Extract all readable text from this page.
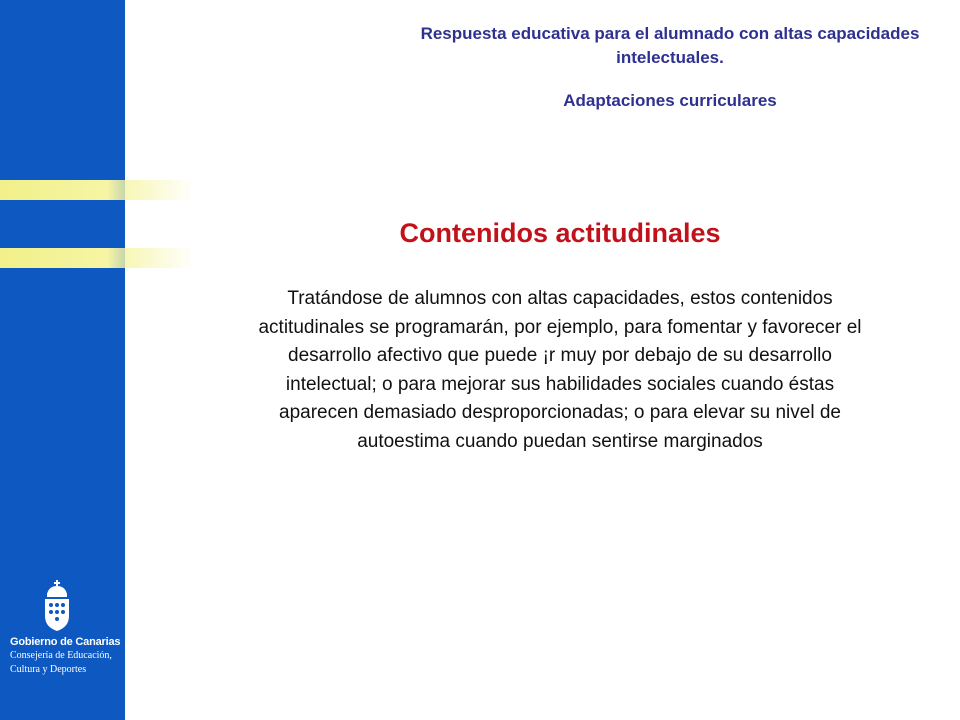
Gobierno de Canarias
Consejería de Educación,
Cultura y Deportes
Respuesta educativa para el alumnado con altas capacidades intelectuales.
Adaptaciones curriculares
Contenidos actitudinales
Tratándose de alumnos con altas capacidades, estos contenidos actitudinales se programarán, por ejemplo, para fomentar y favorecer el desarrollo afectivo que puede ¡r muy por debajo de su desarrollo intelectual; o para mejorar sus habilidades sociales cuando éstas aparecen demasiado desproporcionadas; o para elevar su nivel de autoestima cuando puedan sentirse marginados
